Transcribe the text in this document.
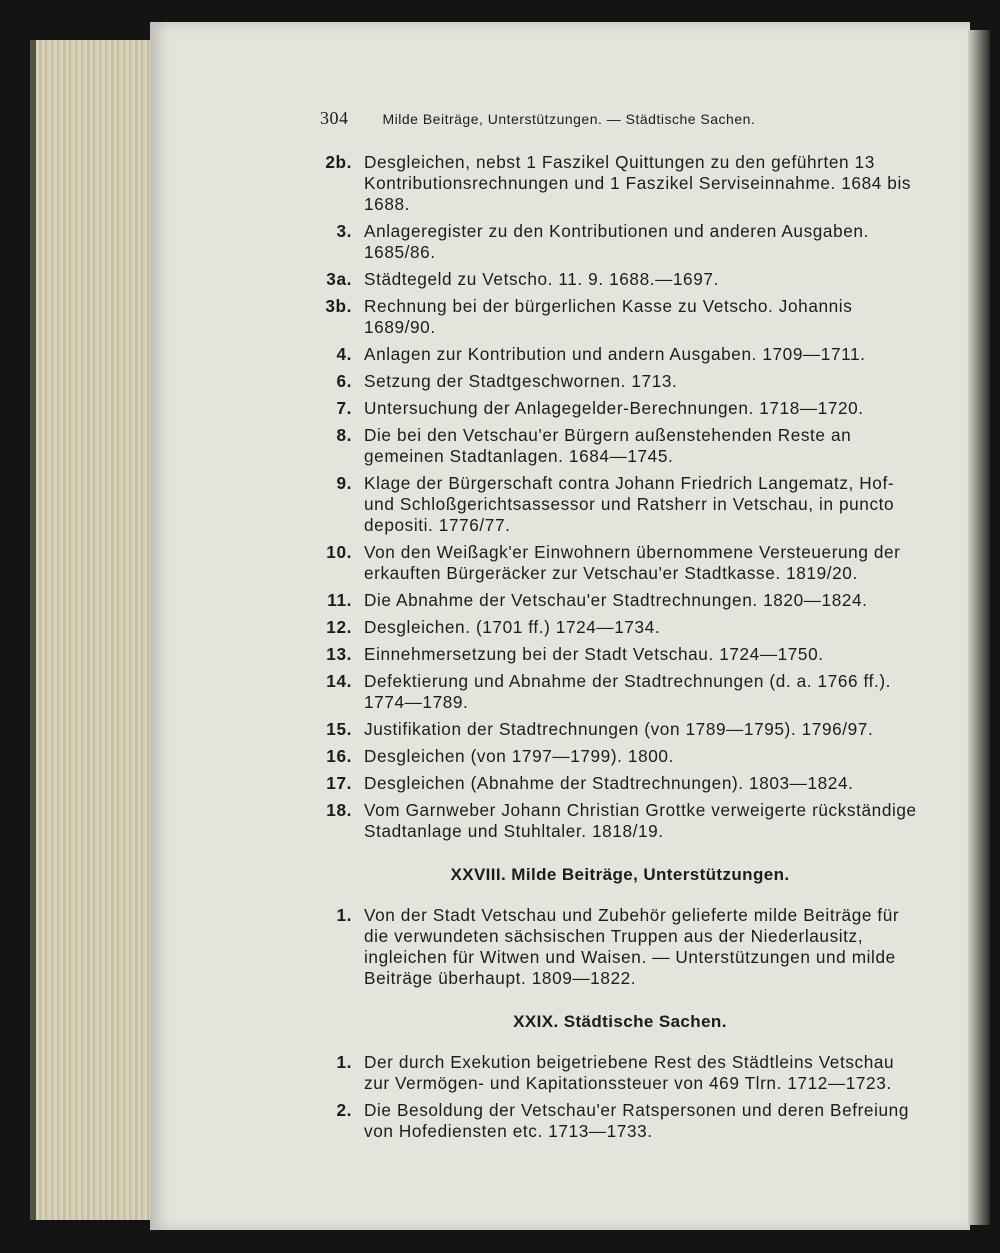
304 Milde Beiträge, Unterstützungen. — Städtische Sachen.
2b. Desgleichen, nebst 1 Faszikel Quittungen zu den geführten 13 Kontributionsrechnungen und 1 Faszikel Serviseinnahme. 1684 bis 1688.
3. Anlageregister zu den Kontributionen und anderen Ausgaben. 1685/86.
3a. Städtegeld zu Vetscho. 11. 9. 1688.—1697.
3b. Rechnung bei der bürgerlichen Kasse zu Vetscho. Johannis 1689/90.
4. Anlagen zur Kontribution und andern Ausgaben. 1709—1711.
6. Setzung der Stadtgeschwornen. 1713.
7. Untersuchung der Anlagegelder-Berechnungen. 1718—1720.
8. Die bei den Vetschau'er Bürgern außenstehenden Reste an gemeinen Stadtanlagen. 1684—1745.
9. Klage der Bürgerschaft contra Johann Friedrich Langematz, Hof- und Schloßgerichtsassessor und Ratsherr in Vetschau, in puncto depositi. 1776/77.
10. Von den Weißagk'er Einwohnern übernommene Versteuerung der erkauften Bürgeräcker zur Vetschau'er Stadtkasse. 1819/20.
11. Die Abnahme der Vetschau'er Stadtrechnungen. 1820—1824.
12. Desgleichen. (1701 ff.) 1724—1734.
13. Einnehmersetzung bei der Stadt Vetschau. 1724—1750.
14. Defektierung und Abnahme der Stadtrechnungen (d. a. 1766 ff.). 1774—1789.
15. Justifikation der Stadtrechnungen (von 1789—1795). 1796/97.
16. Desgleichen (von 1797—1799). 1800.
17. Desgleichen (Abnahme der Stadtrechnungen). 1803—1824.
18. Vom Garnweber Johann Christian Grottke verweigerte rückständige Stadtanlage und Stuhltaler. 1818/19.
XXVIII. Milde Beiträge, Unterstützungen.
1. Von der Stadt Vetschau und Zubehör gelieferte milde Beiträge für die verwundeten sächsischen Truppen aus der Niederlausitz, ingleichen für Witwen und Waisen. — Unterstützungen und milde Beiträge überhaupt. 1809—1822.
XXIX. Städtische Sachen.
1. Der durch Exekution beigetriebene Rest des Städtleins Vetschau zur Vermögen- und Kapitationssteuer von 469 Tlrn. 1712—1723.
2. Die Besoldung der Vetschau'er Ratspersonen und deren Befreiung von Hofediensten etc. 1713—1733.
